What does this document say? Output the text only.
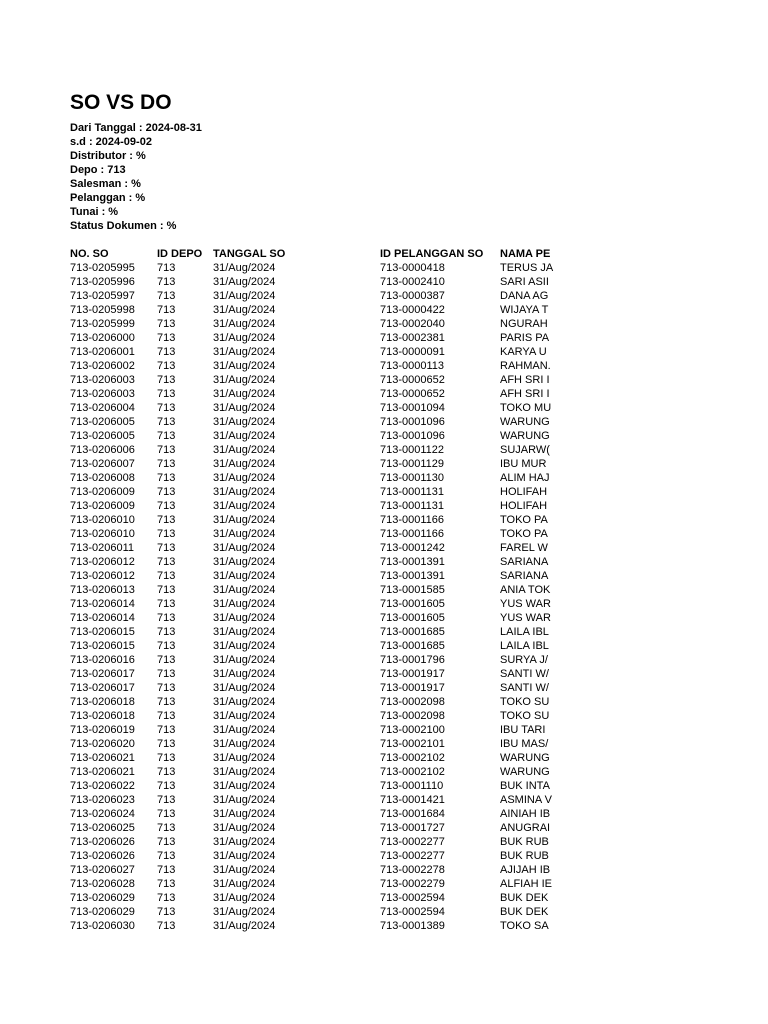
SO VS DO
Dari Tanggal : 2024-08-31
s.d : 2024-09-02
Distributor : %
Depo : 713
Salesman : %
Pelanggan : %
Tunai : %
Status Dokumen : %
NO. SO	ID DEPO	TANGGAL SO	ID PELANGGAN SO	NAMA PE
713-0205995	713	31/Aug/2024	713-0000418	TERUS JA
713-0205996	713	31/Aug/2024	713-0002410	SARI ASII
713-0205997	713	31/Aug/2024	713-0000387	DANA AG
713-0205998	713	31/Aug/2024	713-0000422	WIJAYA T
713-0205999	713	31/Aug/2024	713-0002040	NGURAH
713-0206000	713	31/Aug/2024	713-0002381	PARIS PA
713-0206001	713	31/Aug/2024	713-0000091	KARYA U
713-0206002	713	31/Aug/2024	713-0000113	RAHMAN.
713-0206003	713	31/Aug/2024	713-0000652	AFH SRI I
713-0206003	713	31/Aug/2024	713-0000652	AFH SRI I
713-0206004	713	31/Aug/2024	713-0001094	TOKO MU
713-0206005	713	31/Aug/2024	713-0001096	WARUNG
713-0206005	713	31/Aug/2024	713-0001096	WARUNG
713-0206006	713	31/Aug/2024	713-0001122	SUJARW(
713-0206007	713	31/Aug/2024	713-0001129	IBU MUR
713-0206008	713	31/Aug/2024	713-0001130	ALIM HAJ
713-0206009	713	31/Aug/2024	713-0001131	HOLIFAH
713-0206009	713	31/Aug/2024	713-0001131	HOLIFAH
713-0206010	713	31/Aug/2024	713-0001166	TOKO PA
713-0206010	713	31/Aug/2024	713-0001166	TOKO PA
713-0206011	713	31/Aug/2024	713-0001242	FAREL W
713-0206012	713	31/Aug/2024	713-0001391	SARIANA
713-0206012	713	31/Aug/2024	713-0001391	SARIANA
713-0206013	713	31/Aug/2024	713-0001585	ANIA TOK
713-0206014	713	31/Aug/2024	713-0001605	YUS WAR
713-0206014	713	31/Aug/2024	713-0001605	YUS WAR
713-0206015	713	31/Aug/2024	713-0001685	LAILA IBL
713-0206015	713	31/Aug/2024	713-0001685	LAILA IBL
713-0206016	713	31/Aug/2024	713-0001796	SURYA J/
713-0206017	713	31/Aug/2024	713-0001917	SANTI W/
713-0206017	713	31/Aug/2024	713-0001917	SANTI W/
713-0206018	713	31/Aug/2024	713-0002098	TOKO SU
713-0206018	713	31/Aug/2024	713-0002098	TOKO SU
713-0206019	713	31/Aug/2024	713-0002100	IBU TARI
713-0206020	713	31/Aug/2024	713-0002101	IBU MAS/
713-0206021	713	31/Aug/2024	713-0002102	WARUNG
713-0206021	713	31/Aug/2024	713-0002102	WARUNG
713-0206022	713	31/Aug/2024	713-0001110	BUK INTA
713-0206023	713	31/Aug/2024	713-0001421	ASMINA V
713-0206024	713	31/Aug/2024	713-0001684	AINIAH IB
713-0206025	713	31/Aug/2024	713-0001727	ANUGRAI
713-0206026	713	31/Aug/2024	713-0002277	BUK RUB
713-0206026	713	31/Aug/2024	713-0002277	BUK RUB
713-0206027	713	31/Aug/2024	713-0002278	AJIJAH IB
713-0206028	713	31/Aug/2024	713-0002279	ALFIAH IE
713-0206029	713	31/Aug/2024	713-0002594	BUK DEK
713-0206029	713	31/Aug/2024	713-0002594	BUK DEK
713-0206030	713	31/Aug/2024	713-0001389	TOKO SA
